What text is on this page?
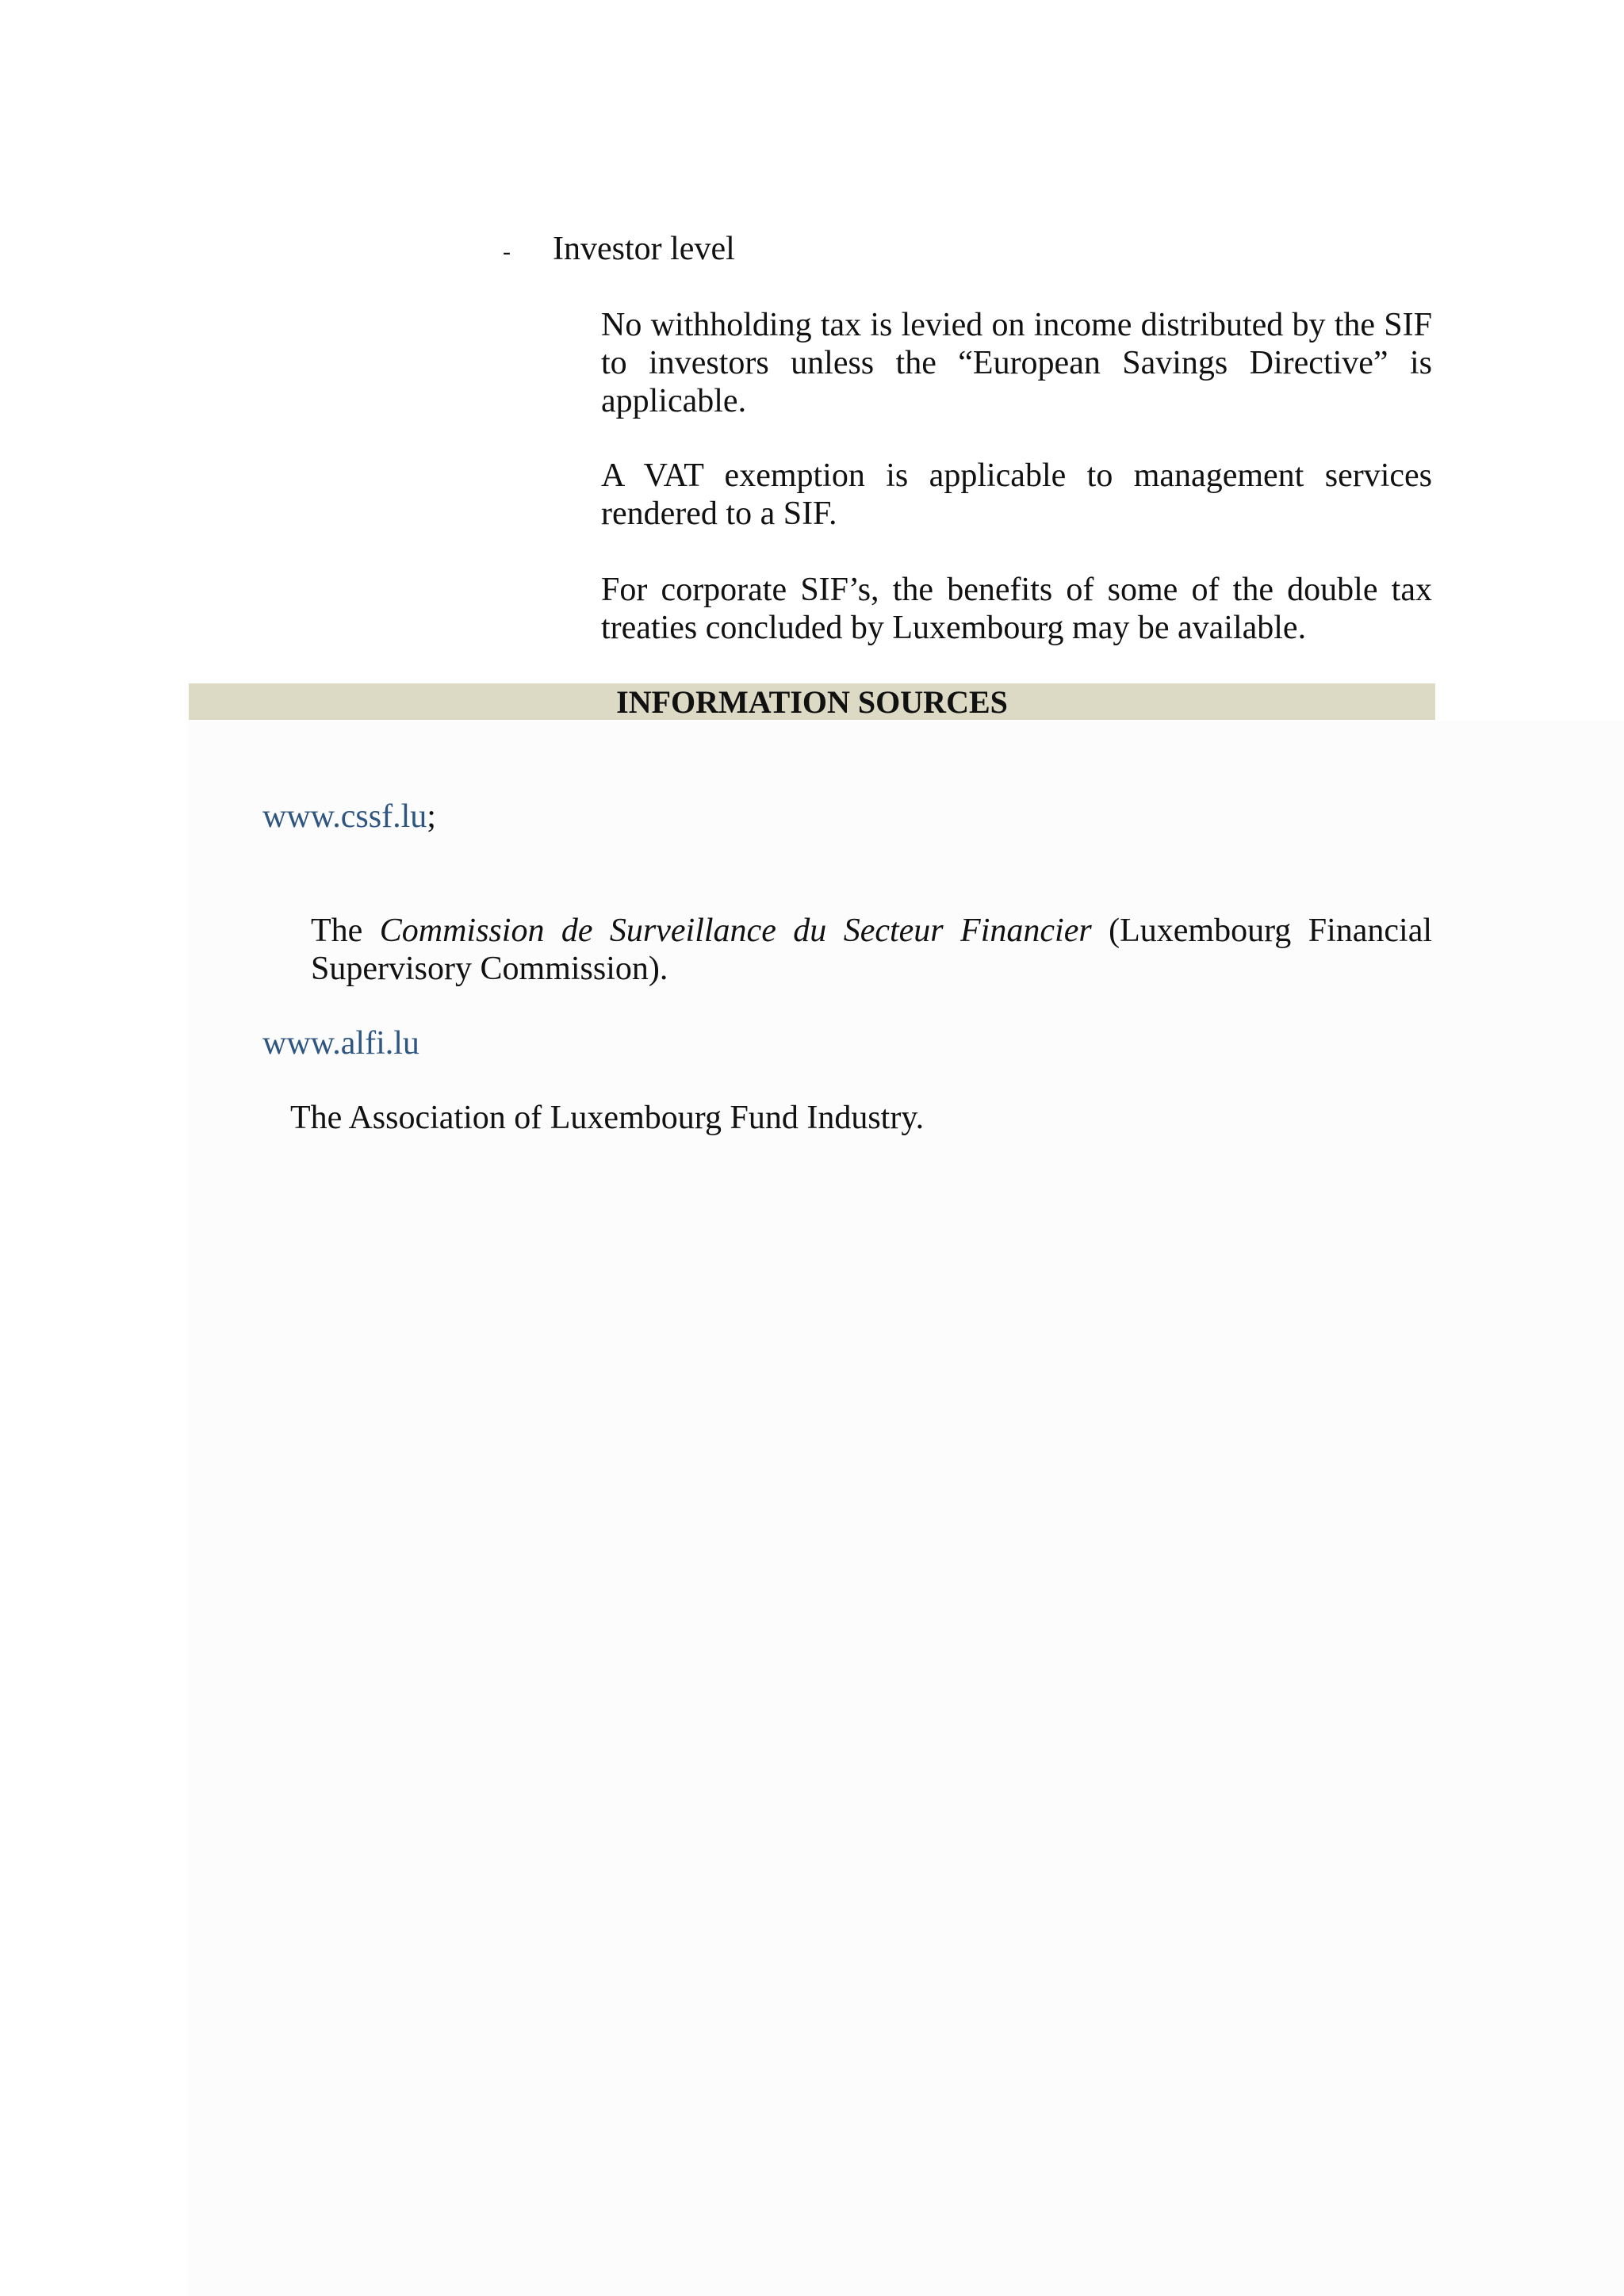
- Investor level

No withholding tax is levied on income distributed by the SIF to investors unless the “European Savings Directive” is applicable.

A VAT exemption is applicable to management services rendered to a SIF.

For corporate SIF’s, the benefits of some of the double tax treaties concluded by Luxembourg may be available.

INFORMATION SOURCES

www.cssf.lu;

The Commission de Surveillance du Secteur Financier (Luxembourg Financial Supervisory Commission).

www.alfi.lu

The Association of Luxembourg Fund Industry.
